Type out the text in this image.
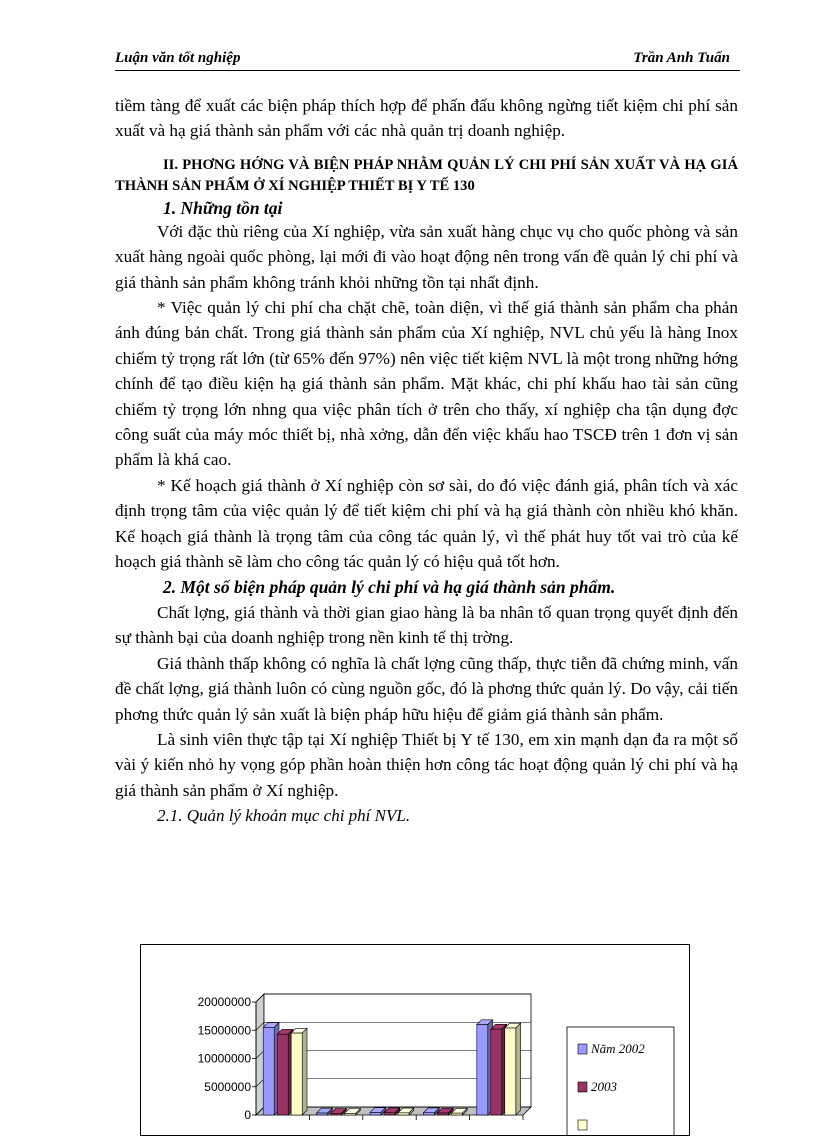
Luận văn tốt nghiệp	Trần Anh Tuấn

tiềm tàng để xuất các biện pháp thích hợp để phấn đấu không ngừng tiết kiệm chi phí sản xuất và hạ giá thành sản phẩm với các nhà quản trị doanh nghiệp.

II. PHƠNG HỚNG VÀ BIỆN PHÁP NHẰM QUẢN LÝ CHI PHÍ SẢN XUẤT VÀ HẠ GIÁ THÀNH SẢN PHẨM Ở XÍ NGHIỆP THIẾT BỊ Y TẾ 130

1. Những tồn tại

Với đặc thù riêng của Xí nghiệp, vừa sản xuất hàng chục vụ cho quốc phòng và sản xuất hàng ngoài quốc phòng, lại mới đi vào hoạt động nên trong vấn đề quản lý chi phí và giá thành sản phẩm không tránh khỏi những tồn tại nhất định.

* Việc quản lý chi phí cha chặt chẽ, toàn diện, vì thế giá thành sản phẩm cha phản ánh đúng bản chất. Trong giá thành sản phẩm của Xí nghiệp, NVL chủ yếu là hàng Inox chiếm tỷ trọng rất lớn (từ 65% đến 97%) nên việc tiết kiệm NVL là một trong những hớng chính để tạo điều kiện hạ giá thành sản phẩm. Mặt khác, chi phí khấu hao tài sản cũng chiếm tỷ trọng lớn nhng qua việc phân tích ở trên cho thấy, xí nghiệp cha tận dụng đợc công suất của máy móc thiết bị, nhà xởng, dẫn đến việc khấu hao TSCĐ trên 1 đơn vị sản phẩm là khá cao.

* Kế hoạch giá thành ở Xí nghiệp còn sơ sài, do đó việc đánh giá, phân tích và xác định trọng tâm của việc quản lý để tiết kiệm chi phí và hạ giá thành còn nhiều khó khăn. Kế hoạch giá thành là trọng tâm của công tác quản lý, vì thế phát huy tốt vai trò của kế hoạch giá thành sẽ làm cho công tác quản lý có hiệu quả tốt hơn.

2. Một số biện pháp quản lý chi phí và hạ giá thành sản phẩm.

Chất lợng, giá thành và thời gian giao hàng là ba nhân tố quan trọng quyết định đến sự thành bại của doanh nghiệp trong nền kinh tế thị trờng.

Giá thành thấp không có nghĩa là chất lợng cũng thấp, thực tiễn đã chứng minh, vấn đề chất lợng, giá thành luôn có cùng nguồn gốc, đó là phơng thức quản lý. Do vậy, cải tiến phơng thức quản lý sản xuất là biện pháp hữu hiệu để giảm giá thành sản phẩm.

Là sinh viên thực tập tại Xí nghiệp Thiết bị Y tế 130, em xin mạnh dạn đa ra một số vài ý kiến nhỏ hy vọng góp phần hoàn thiện hơn công tác hoạt động quản lý chi phí và hạ giá thành sản phẩm ở Xí nghiệp.

2.1. Quản lý khoản mục chi phí NVL.

20000000
15000000
10000000
5000000
0
Năm 2002
2003
